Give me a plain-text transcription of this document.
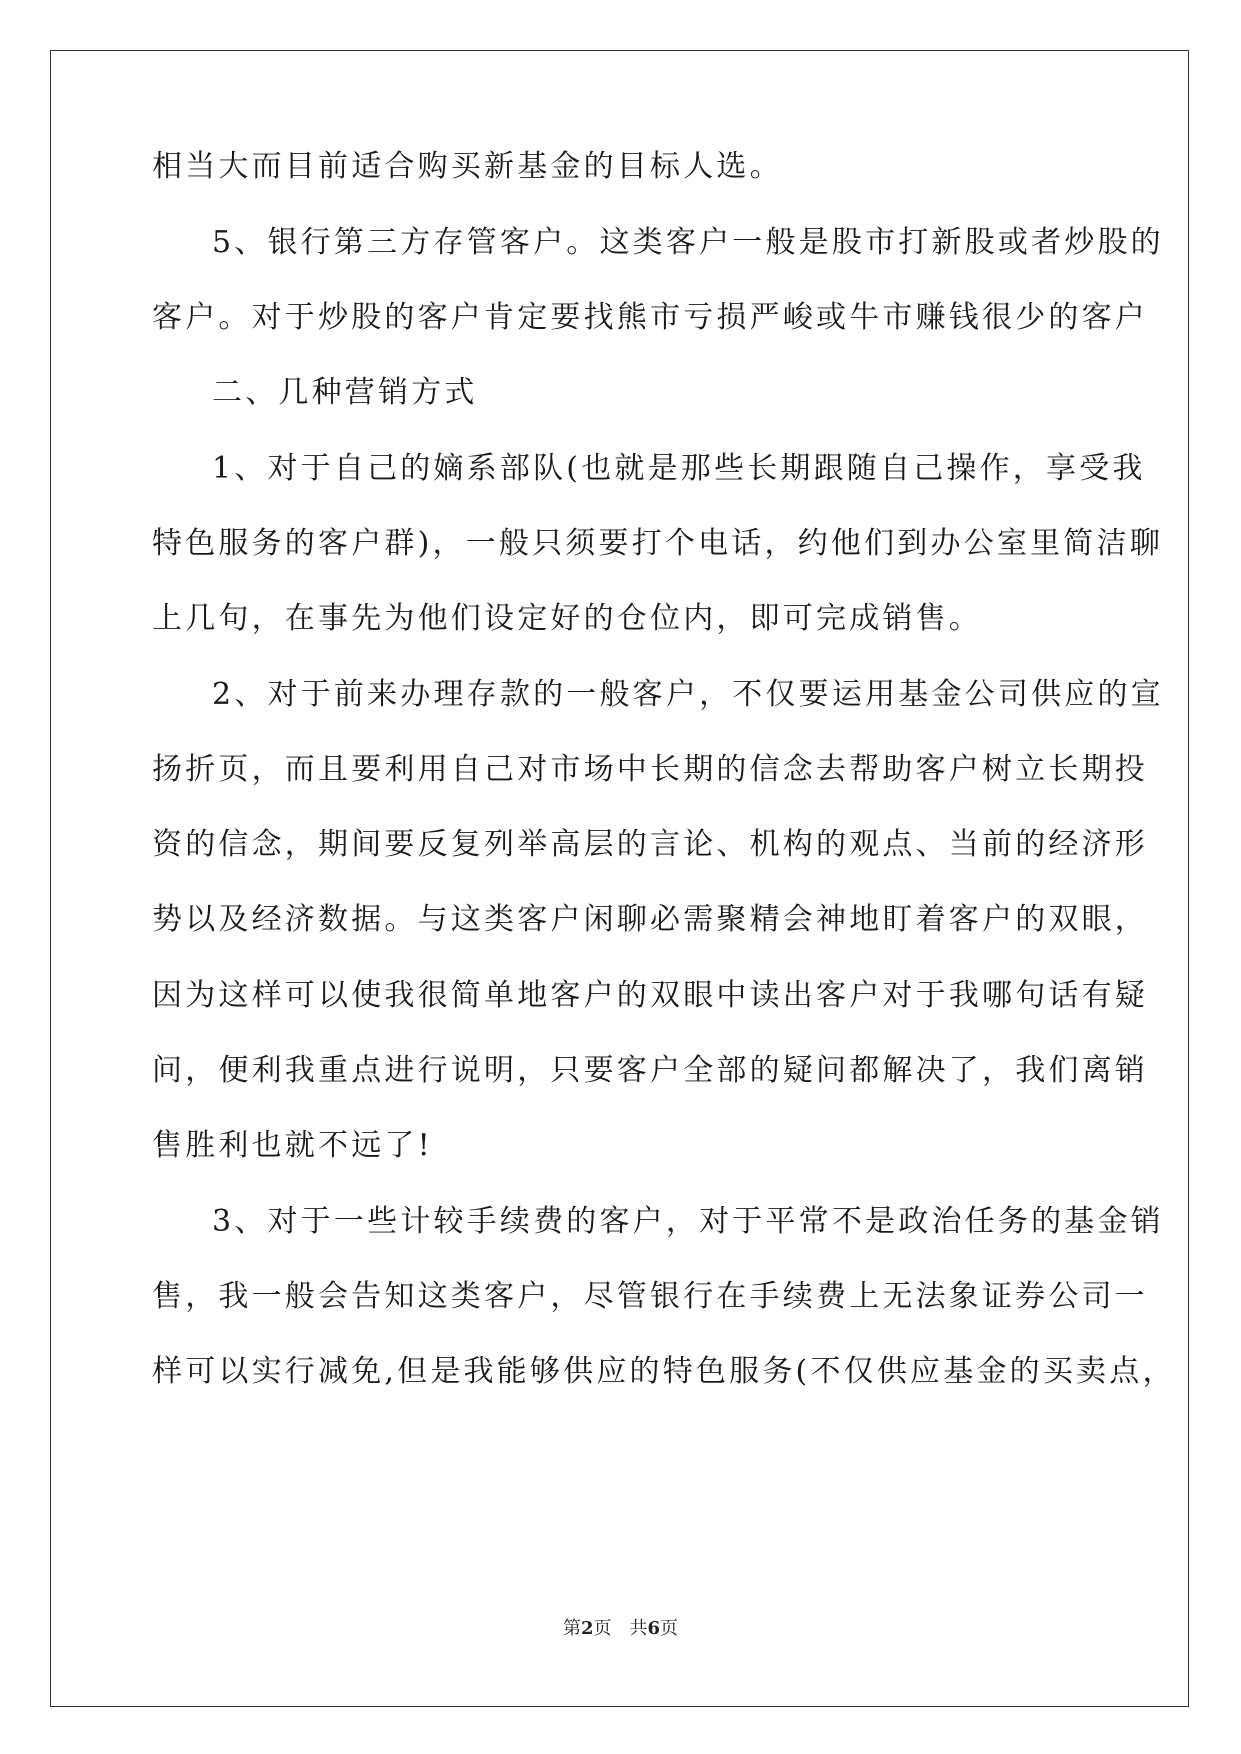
相当大而目前适合购买新基金的目标人选。
5、银行第三方存管客户。这类客户一般是股市打新股或者炒股的
客户。对于炒股的客户肯定要找熊市亏损严峻或牛市赚钱很少的客户
二、几种营销方式
1、对于自己的嫡系部队(也就是那些长期跟随自己操作，享受我
特色服务的客户群)，一般只须要打个电话，约他们到办公室里简洁聊
上几句，在事先为他们设定好的仓位内，即可完成销售。
2、对于前来办理存款的一般客户，不仅要运用基金公司供应的宣
扬折页，而且要利用自己对市场中长期的信念去帮助客户树立长期投
资的信念，期间要反复列举高层的言论、机构的观点、当前的经济形
势以及经济数据。与这类客户闲聊必需聚精会神地盯着客户的双眼，
因为这样可以使我很简单地客户的双眼中读出客户对于我哪句话有疑
问，便利我重点进行说明，只要客户全部的疑问都解决了，我们离销
售胜利也就不远了!
3、对于一些计较手续费的客户，对于平常不是政治任务的基金销
售，我一般会告知这类客户，尽管银行在手续费上无法象证券公司一
样可以实行减免,但是我能够供应的特色服务(不仅供应基金的买卖点，
第2页 共6页
